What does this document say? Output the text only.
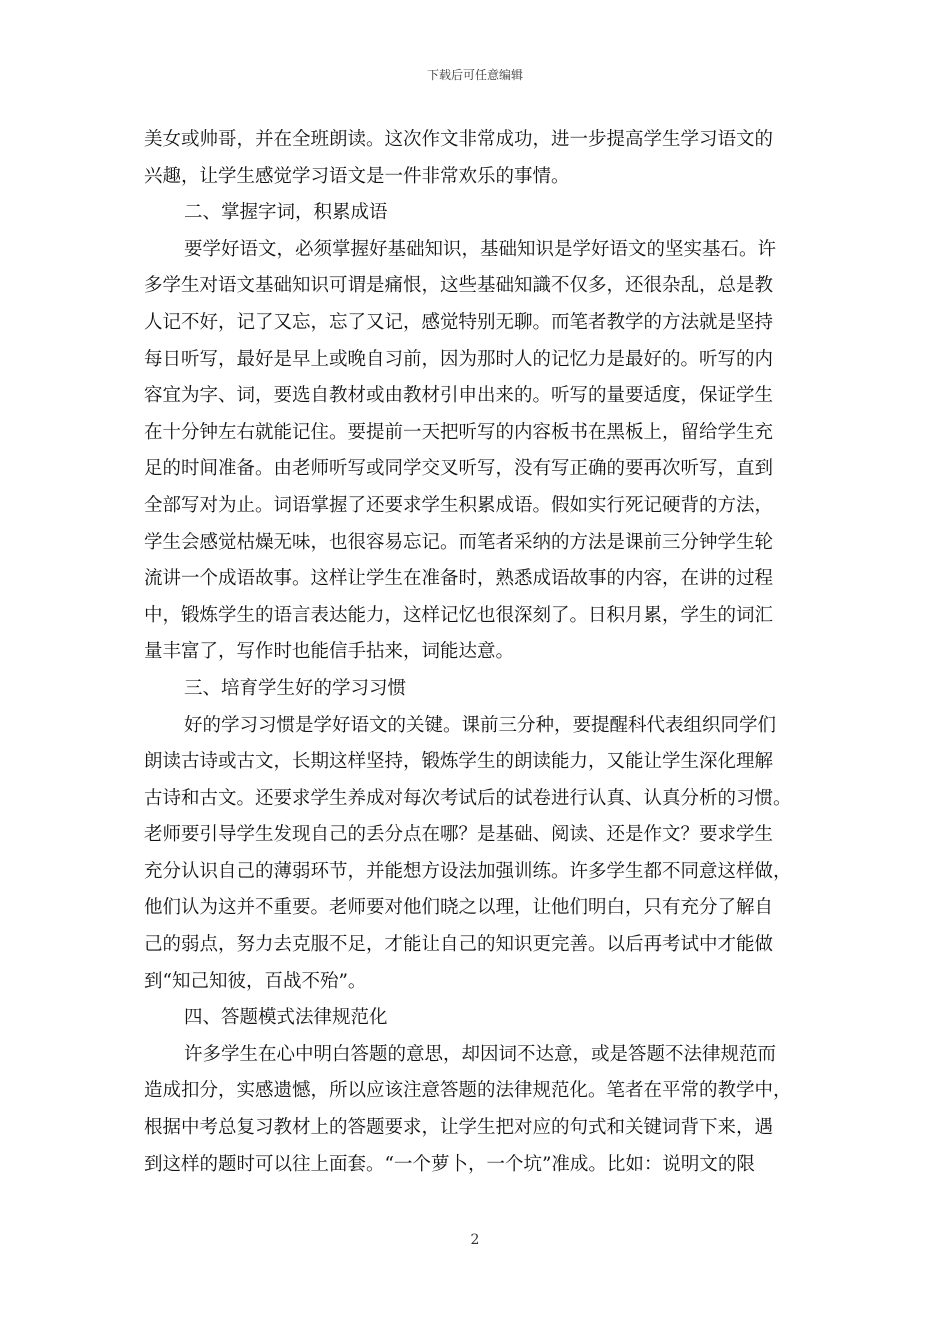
下载后可任意编辑
美女或帅哥，并在全班朗读。这次作文非常成功，进一步提高学生学习语文的
兴趣，让学生感觉学习语文是一件非常欢乐的事情。
二、掌握字词，积累成语
要学好语文，必须掌握好基础知识，基础知识是学好语文的坚实基石。许
多学生对语文基础知识可谓是痛恨，这些基础知識不仅多，还很杂乱，总是教
人记不好，记了又忘，忘了又记，感觉特别无聊。而笔者教学的方法就是坚持
每日听写，最好是早上或晚自习前，因为那时人的记忆力是最好的。听写的内
容宜为字、词，要选自教材或由教材引申出来的。听写的量要适度，保证学生
在十分钟左右就能记住。要提前一天把听写的内容板书在黑板上，留给学生充
足的时间准备。由老师听写或同学交叉听写，没有写正确的要再次听写，直到
全部写对为止。词语掌握了还要求学生积累成语。假如实行死记硬背的方法，
学生会感觉枯燥无味，也很容易忘记。而笔者采纳的方法是课前三分钟学生轮
流讲一个成语故事。这样让学生在准备时，熟悉成语故事的内容，在讲的过程
中，锻炼学生的语言表达能力，这样记忆也很深刻了。日积月累，学生的词汇
量丰富了，写作时也能信手拈来，词能达意。
三、培育学生好的学习习惯
好的学习习惯是学好语文的关键。课前三分种，要提醒科代表组织同学们
朗读古诗或古文，长期这样坚持，锻炼学生的朗读能力，又能让学生深化理解
古诗和古文。还要求学生养成对每次考试后的试卷进行认真、认真分析的习惯。
老师要引导学生发现自己的丢分点在哪？是基础、阅读、还是作文？要求学生
充分认识自己的薄弱环节，并能想方设法加强训练。许多学生都不同意这样做，
他们认为这并不重要。老师要对他们晓之以理，让他们明白，只有充分了解自
己的弱点，努力去克服不足，才能让自己的知识更完善。以后再考试中才能做
到“知己知彼，百战不殆”。
四、答题模式法律规范化
许多学生在心中明白答题的意思，却因词不达意，或是答题不法律规范而
造成扣分，实感遗憾，所以应该注意答题的法律规范化。笔者在平常的教学中，
根据中考总复习教材上的答题要求，让学生把对应的句式和关键词背下来，遇
到这样的题时可以往上面套。“一个萝卜，一个坑”准成。比如：说明文的限
2
